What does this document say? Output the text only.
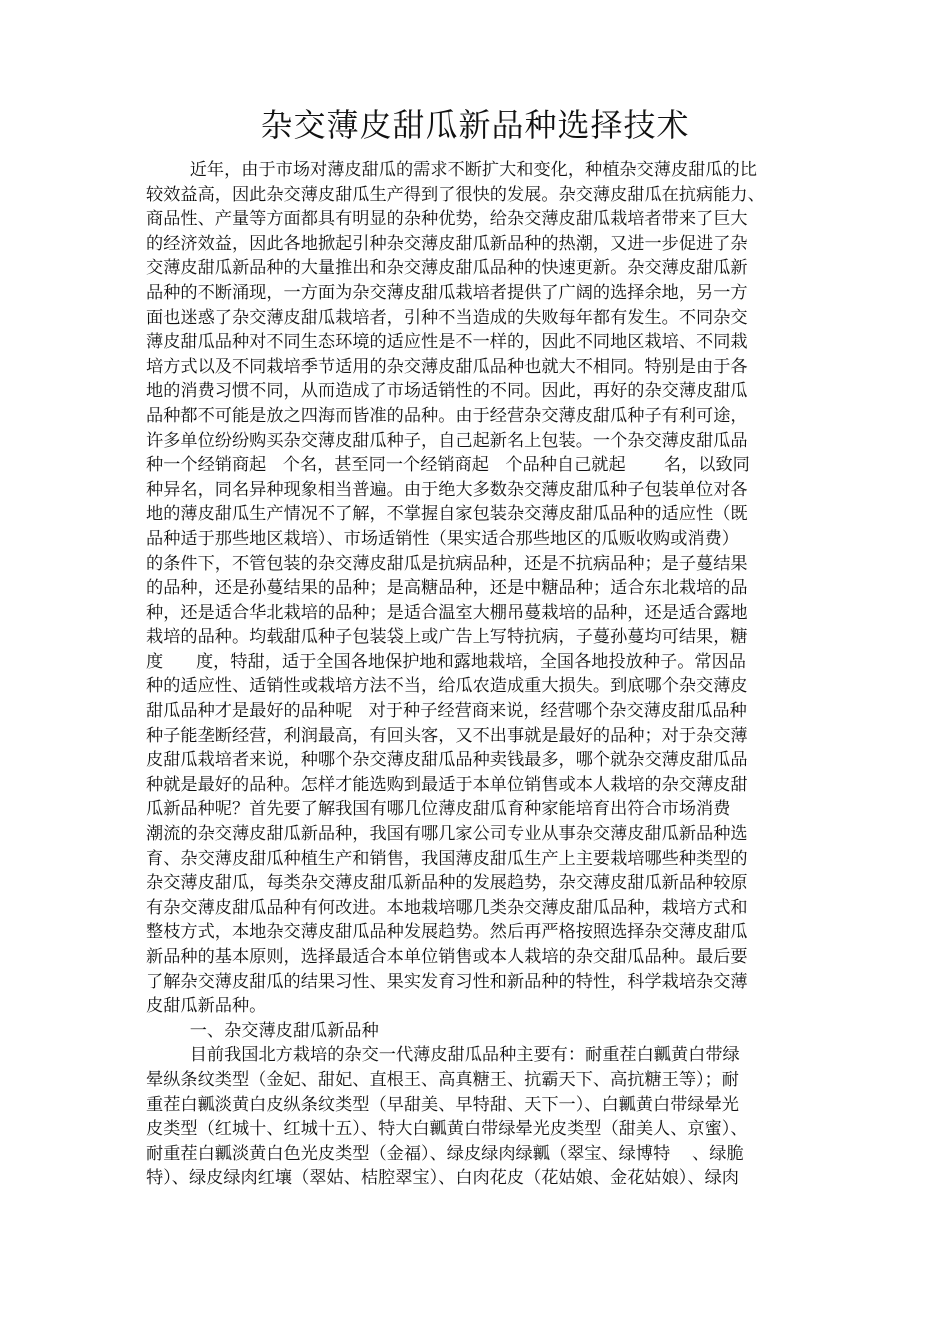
杂交薄皮甜瓜新品种选择技术
近年，由于市场对薄皮甜瓜的需求不断扩大和变化，种植杂交薄皮甜瓜的比
较效益高，因此杂交薄皮甜瓜生产得到了很快的发展。杂交薄皮甜瓜在抗病能力、
商品性、产量等方面都具有明显的杂种优势，给杂交薄皮甜瓜栽培者带来了巨大
的经济效益，因此各地掀起引种杂交薄皮甜瓜新品种的热潮，又进一步促进了杂
交薄皮甜瓜新品种的大量推出和杂交薄皮甜瓜品种的快速更新。杂交薄皮甜瓜新
品种的不断涌现，一方面为杂交薄皮甜瓜栽培者提供了广阔的选择余地，另一方
面也迷惑了杂交薄皮甜瓜栽培者，引种不当造成的失败每年都有发生。不同杂交
薄皮甜瓜品种对不同生态环境的适应性是不一样的，因此不同地区栽培、不同栽
培方式以及不同栽培季节适用的杂交薄皮甜瓜品种也就大不相同。特别是由于各
地的消费习惯不同，从而造成了市场适销性的不同。因此，再好的杂交薄皮甜瓜
品种都不可能是放之四海而皆准的品种。由于经营杂交薄皮甜瓜种子有利可途，
许多单位纷纷购买杂交薄皮甜瓜种子，自己起新名上包装。一个杂交薄皮甜瓜品
种一个经销商起   个名，甚至同一个经销商起   个品种自己就起       名，以致同
种异名，同名异种现象相当普遍。由于绝大多数杂交薄皮甜瓜种子包装单位对各
地的薄皮甜瓜生产情况不了解，不掌握自家包装杂交薄皮甜瓜品种的适应性（既
品种适于那些地区栽培）、市场适销性（果实适合那些地区的瓜贩收购或消费）
的条件下，不管包装的杂交薄皮甜瓜是抗病品种，还是不抗病品种；是子蔓结果
的品种，还是孙蔓结果的品种；是高糖品种，还是中糖品种；适合东北栽培的品
种，还是适合华北栽培的品种；是适合温室大棚吊蔓栽培的品种，还是适合露地
栽培的品种。均载甜瓜种子包装袋上或广告上写特抗病，子蔓孙蔓均可结果，糖
度      度，特甜，适于全国各地保护地和露地栽培，全国各地投放种子。常因品
种的适应性、适销性或栽培方法不当，给瓜农造成重大损失。到底哪个杂交薄皮
甜瓜品种才是最好的品种呢   对于种子经营商来说，经营哪个杂交薄皮甜瓜品种
种子能垄断经营，利润最高，有回头客，又不出事就是最好的品种；对于杂交薄
皮甜瓜栽培者来说，种哪个杂交薄皮甜瓜品种卖钱最多，哪个就杂交薄皮甜瓜品
种就是最好的品种。怎样才能选购到最适于本单位销售或本人栽培的杂交薄皮甜
瓜新品种呢？首先要了解我国有哪几位薄皮甜瓜育种家能培育出符合市场消费
潮流的杂交薄皮甜瓜新品种，我国有哪几家公司专业从事杂交薄皮甜瓜新品种选
育、杂交薄皮甜瓜种植生产和销售，我国薄皮甜瓜生产上主要栽培哪些种类型的
杂交薄皮甜瓜，每类杂交薄皮甜瓜新品种的发展趋势，杂交薄皮甜瓜新品种较原
有杂交薄皮甜瓜品种有何改进。本地栽培哪几类杂交薄皮甜瓜品种，栽培方式和
整枝方式，本地杂交薄皮甜瓜品种发展趋势。然后再严格按照选择杂交薄皮甜瓜
新品种的基本原则，选择最适合本单位销售或本人栽培的杂交甜瓜品种。最后要
了解杂交薄皮甜瓜的结果习性、果实发育习性和新品种的特性，科学栽培杂交薄
皮甜瓜新品种。
一、杂交薄皮甜瓜新品种
目前我国北方栽培的杂交一代薄皮甜瓜品种主要有：耐重茬白瓤黄白带绿
晕纵条纹类型（金妃、甜妃、直根王、高真糖王、抗霸天下、高抗糖王等）；耐
重茬白瓤淡黄白皮纵条纹类型（早甜美、早特甜、天下一）、白瓤黄白带绿晕光
皮类型（红城十、红城十五）、特大白瓤黄白带绿晕光皮类型（甜美人、京蜜）、
耐重茬白瓤淡黄白色光皮类型（金福）、绿皮绿肉绿瓤（翠宝、绿博特    、绿脆
特）、绿皮绿肉红壤（翠姑、桔腔翠宝）、白肉花皮（花姑娘、金花姑娘）、绿肉
